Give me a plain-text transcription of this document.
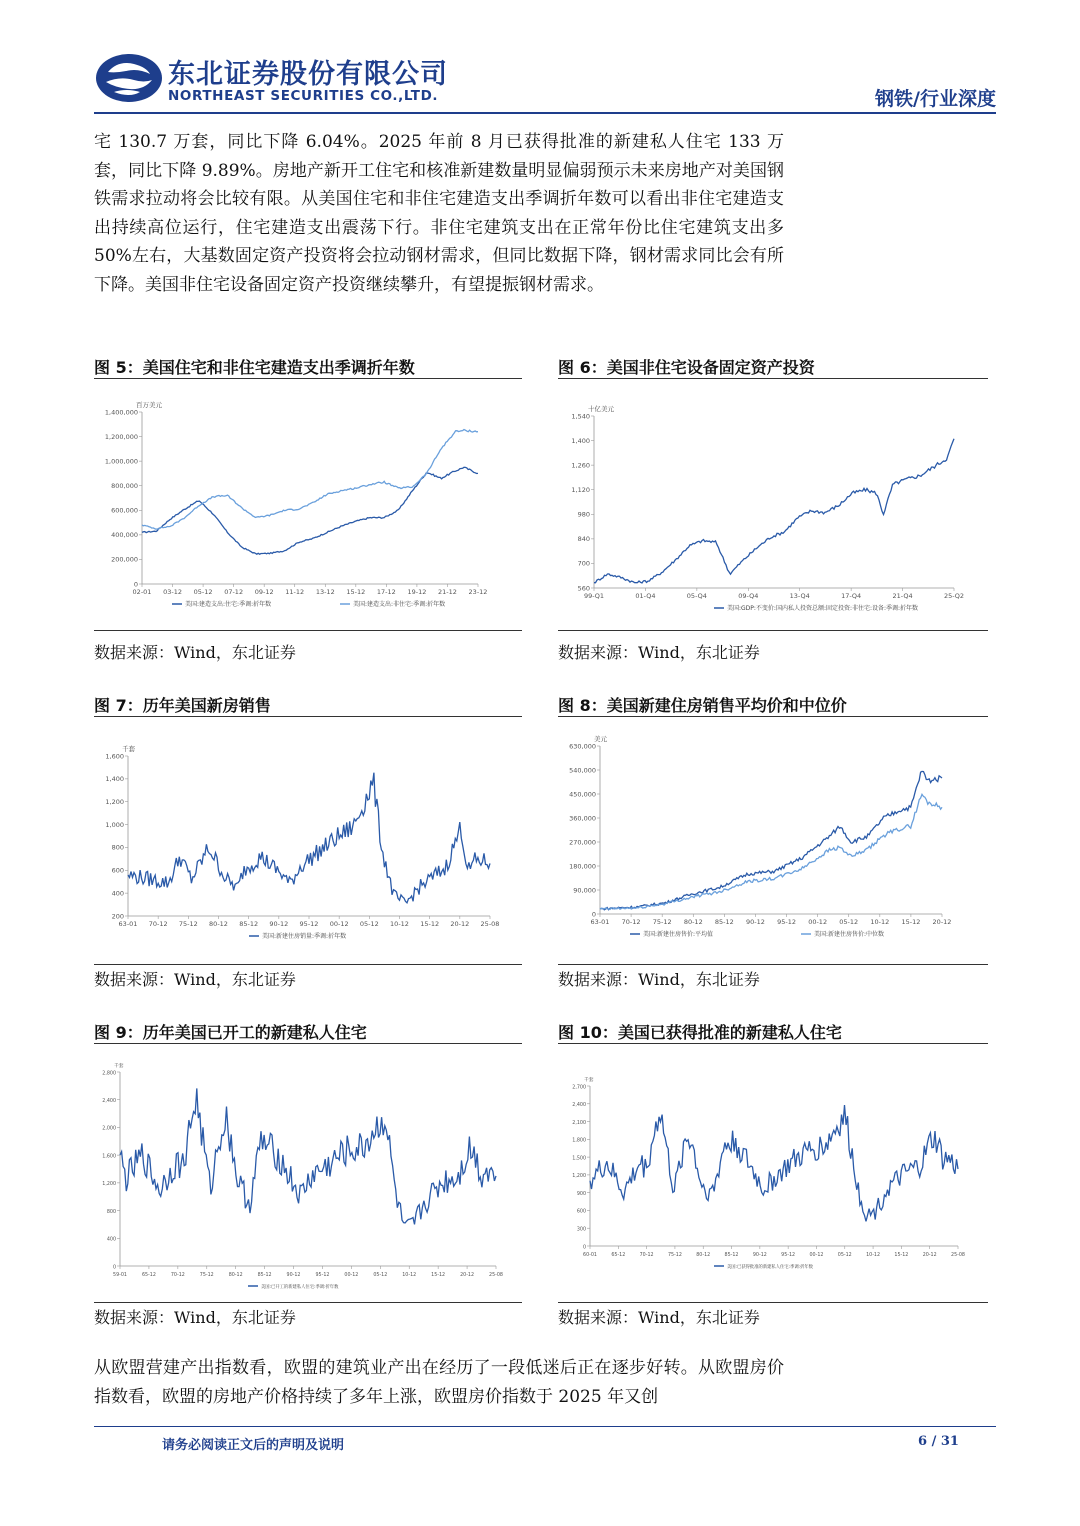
东北证券股份有限公司
NORTHEAST SECURITIES CO.,LTD.	钢铁/行业深度
宅 130.7 万套，同比下降 6.04%。2025 年前 8 月已获得批准的新建私人住宅 133 万套，同比下降 9.89%。房地产新开工住宅和核准新建数量明显偏弱预示未来房地产对美国钢铁需求拉动将会比较有限。从美国住宅和非住宅建造支出季调折年数可以看出非住宅建造支出持续高位运行，住宅建造支出震荡下行。非住宅建筑支出在正常年份比住宅建筑支出多 50%左右，大基数固定资产投资将会拉动钢材需求，但同比数据下降，钢材需求同比会有所下降。美国非住宅设备固定资产投资继续攀升，有望提振钢材需求。
图 5：美国住宅和非住宅建造支出季调折年数	图 6：美国非住宅设备固定资产投资
数据来源：Wind，东北证券	数据来源：Wind，东北证券
图 7：历年美国新房销售	图 8：美国新建住房销售平均价和中位价
数据来源：Wind，东北证券	数据来源：Wind，东北证券
图 9：历年美国已开工的新建私人住宅	图 10：美国已获得批准的新建私人住宅
数据来源：Wind，东北证券	数据来源：Wind，东北证券
百万美元
0
200,000
400,000
600,000
800,000
1,000,000
1,200,000
1,400,000
02-01 03-12 05-12 07-12 09-12 11-12 13-12 15-12 17-12 19-12 21-12 23-12
美国:建造支出:住宅:季调:折年数	美国:建造支出:非住宅:季调:折年数
十亿美元
560
700
840
980
1,120
1,260
1,400
1,540
99-Q1	01-Q4	05-Q4	09-Q4	13-Q4	17-Q4	21-Q4	25-Q2
美国:GDP:不变价:国内私人投资总额:固定投资:非住宅:设备:季调:折年数
千套
200
400
600
800
1,000
1,200
1,400
1,600
63-01 70-12 75-12 80-12 85-12 90-12 95-12 00-12 05-12 10-12 15-12 20-12 25-08
美国:新建住房销量:季调:折年数
美元
0
90,000
180,000
270,000
360,000
450,000
540,000
630,000
63-01 70-12 75-12 80-12 85-12 90-12 95-12 00-12 05-12 10-12 15-12 20-12
美国:新建住房售价:平均值	美国:新建住房售价:中位数
千套
0
400
800
1,200
1,600
2,000
2,400
2,800
59-01	65-12	70-12	75-12	80-12	85-12	90-12	95-12	00-12	05-12	10-12	15-12	20-12	25-08
美国:已开工的新建私人住宅:季调:折年数
千套
0
300
600
900
1,200
1,500
1,800
2,100
2,400
2,700
60-01	65-12	70-12	75-12	80-12	85-12	90-12	95-12	00-12	05-12	10-12	15-12	20-12	25-08
美国:已获得批准的新建私人住宅:季调:折年数
从欧盟营建产出指数看，欧盟的建筑业产出在经历了一段低迷后正在逐步好转。从欧盟房价指数看，欧盟的房地产价格持续了多年上涨，欧盟房价指数于 2025 年又创
请务必阅读正文后的声明及说明	6 / 31
